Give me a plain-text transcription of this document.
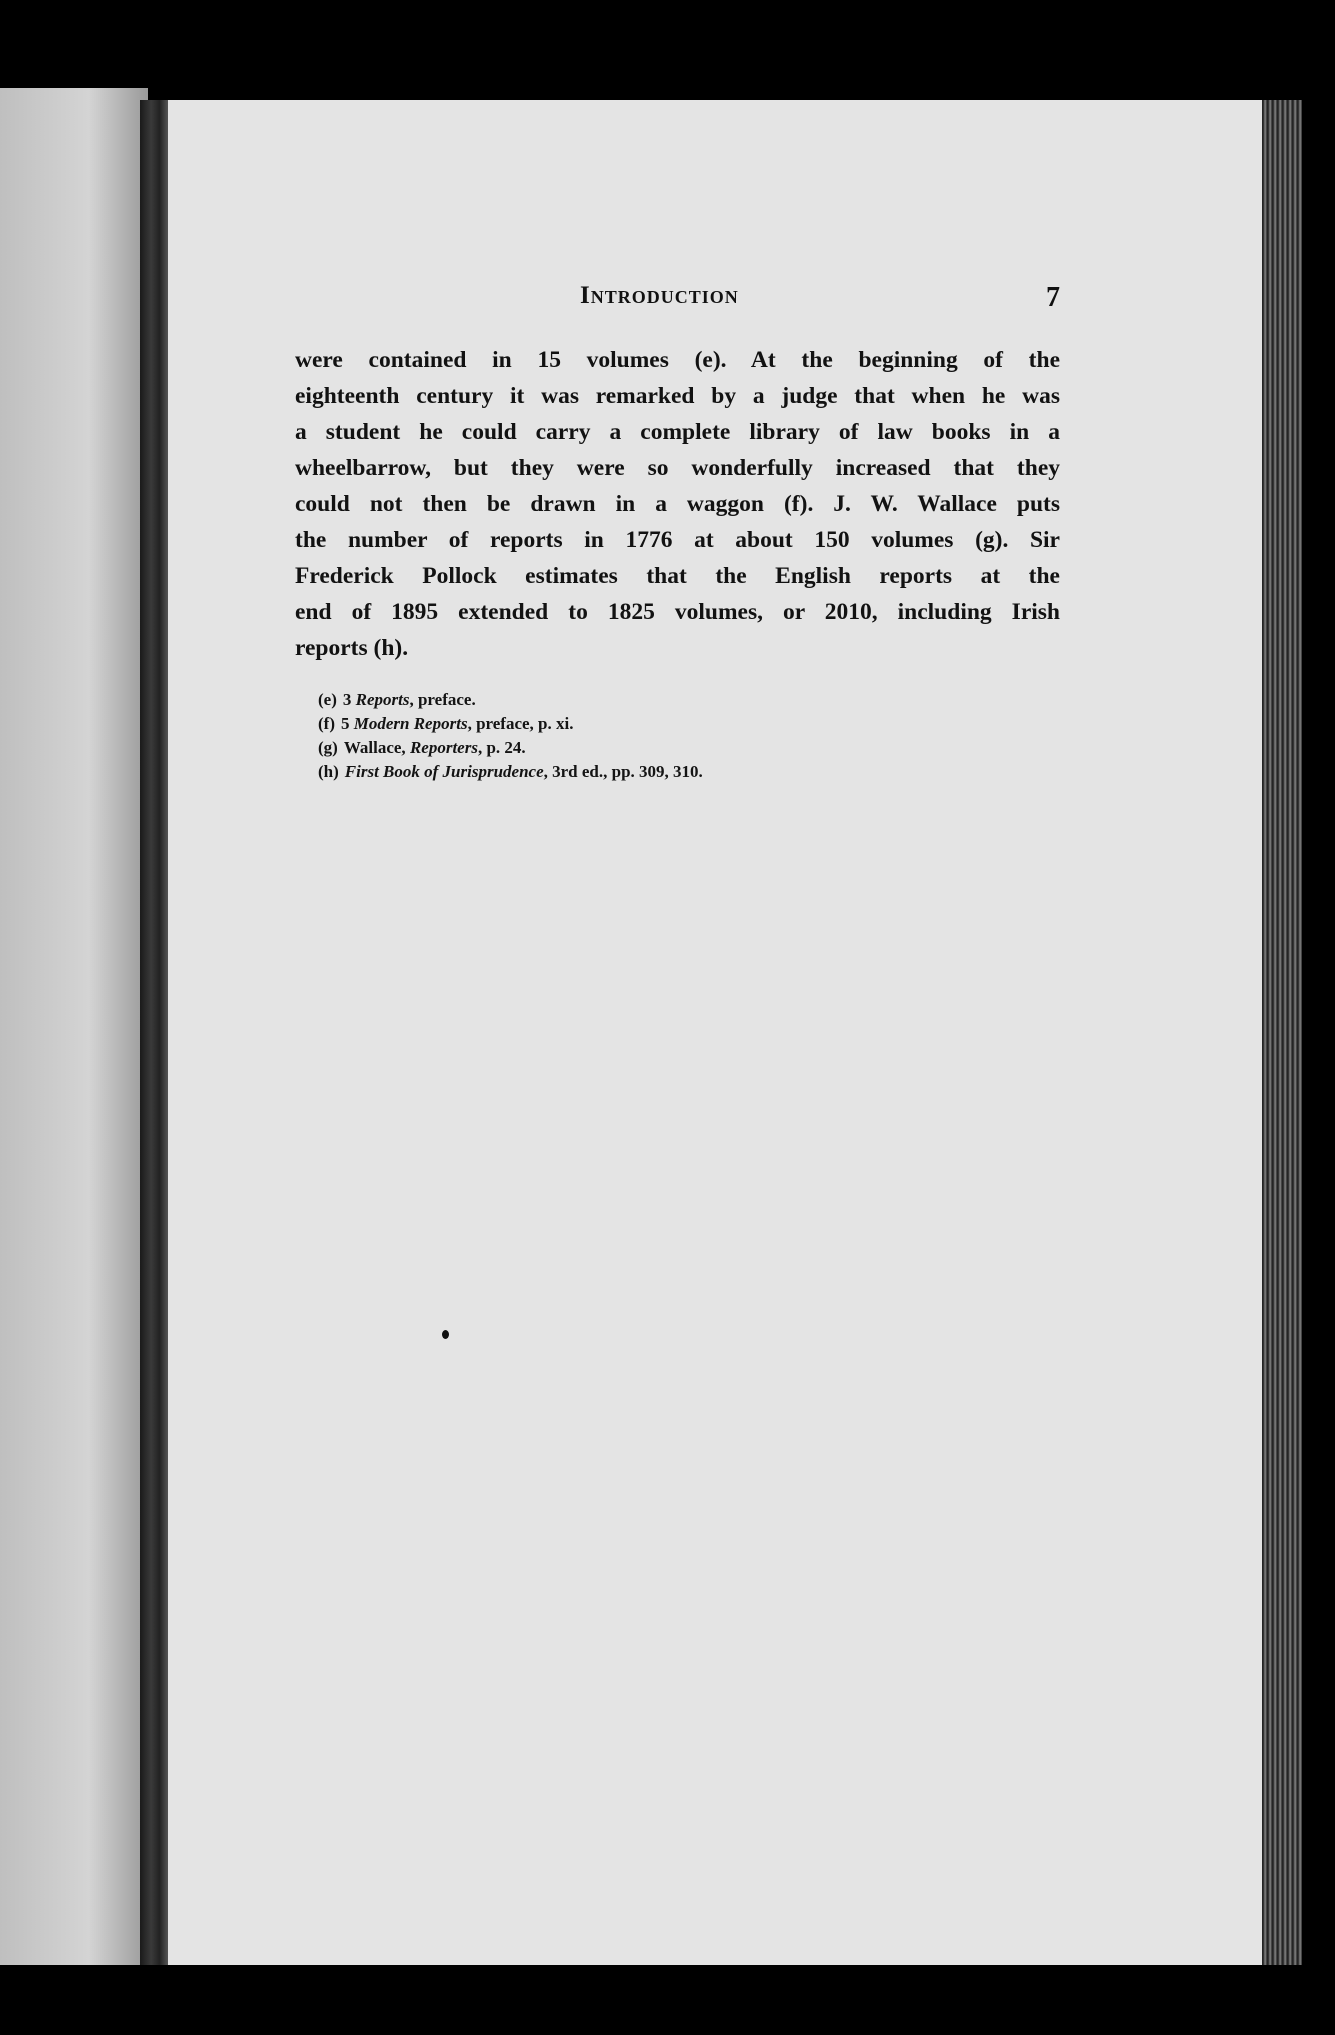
Introduction	7
were contained in 15 volumes (e). At the beginning of the
eighteenth century it was remarked by a judge that when he was
a student he could carry a complete library of law books in a
wheelbarrow, but they were so wonderfully increased that they
could not then be drawn in a waggon (f). J. W. Wallace puts
the number of reports in 1776 at about 150 volumes (g). Sir
Frederick Pollock estimates that the English reports at the
end of 1895 extended to 1825 volumes, or 2010, including Irish
reports (h).
(e) 3 Reports, preface.
(f) 5 Modern Reports, preface, p. xi.
(g) Wallace, Reporters, p. 24.
(h) First Book of Jurisprudence, 3rd ed., pp. 309, 310.
